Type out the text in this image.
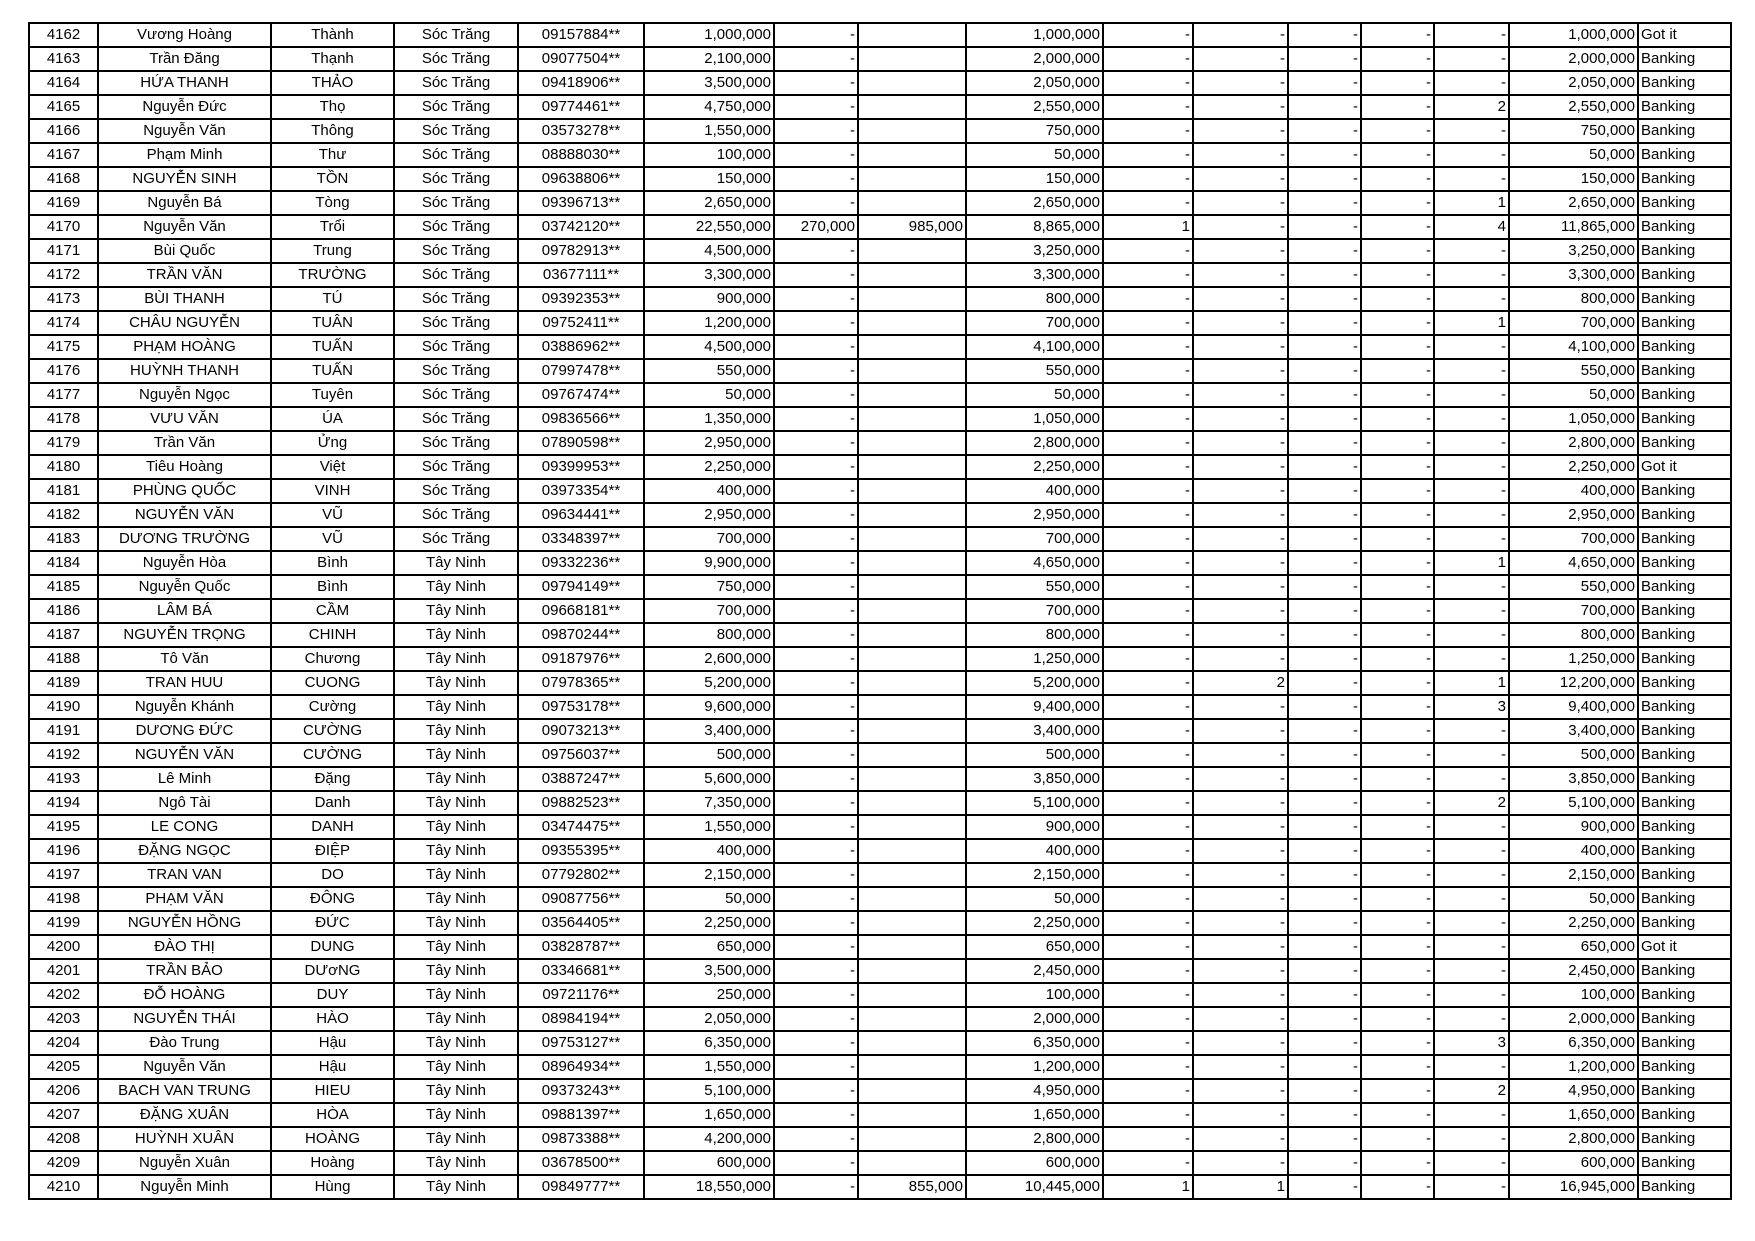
4162	Vương Hoàng	Thành	Sóc Trăng	09157884**	1,000,000	-		1,000,000	-	-	-	-	-	1,000,000	Got it
4163	Trần Đăng	Thạnh	Sóc Trăng	09077504**	2,100,000	-		2,000,000	-	-	-	-	-	2,000,000	Banking
4164	HỨA THANH	THẢO	Sóc Trăng	09418906**	3,500,000	-		2,050,000	-	-	-	-	-	2,050,000	Banking
4165	Nguyễn Đức	Thọ	Sóc Trăng	09774461**	4,750,000	-		2,550,000	-	-	-	-	2	2,550,000	Banking
4166	Nguyễn Văn	Thông	Sóc Trăng	03573278**	1,550,000	-		750,000	-	-	-	-	-	750,000	Banking
4167	Phạm Minh	Thư	Sóc Trăng	08888030**	100,000	-		50,000	-	-	-	-	-	50,000	Banking
4168	NGUYỄN SINH	TỒN	Sóc Trăng	09638806**	150,000	-		150,000	-	-	-	-	-	150,000	Banking
4169	Nguyễn Bá	Tòng	Sóc Trăng	09396713**	2,650,000	-		2,650,000	-	-	-	-	1	2,650,000	Banking
4170	Nguyễn Văn	Trổi	Sóc Trăng	03742120**	22,550,000	270,000	985,000	8,865,000	1	-	-	-	4	11,865,000	Banking
4171	Bùi Quốc	Trung	Sóc Trăng	09782913**	4,500,000	-		3,250,000	-	-	-	-	-	3,250,000	Banking
4172	TRẦN VĂN	TRƯỜNG	Sóc Trăng	03677111**	3,300,000	-		3,300,000	-	-	-	-	-	3,300,000	Banking
4173	BÙI THANH	TÚ	Sóc Trăng	09392353**	900,000	-		800,000	-	-	-	-	-	800,000	Banking
4174	CHÂU NGUYỄN	TUÂN	Sóc Trăng	09752411**	1,200,000	-		700,000	-	-	-	-	1	700,000	Banking
4175	PHẠM HOÀNG	TUẤN	Sóc Trăng	03886962**	4,500,000	-		4,100,000	-	-	-	-	-	4,100,000	Banking
4176	HUỲNH THANH	TUẤN	Sóc Trăng	07997478**	550,000	-		550,000	-	-	-	-	-	550,000	Banking
4177	Nguyễn Ngọc	Tuyên	Sóc Trăng	09767474**	50,000	-		50,000	-	-	-	-	-	50,000	Banking
4178	VƯU VĂN	ÚA	Sóc Trăng	09836566**	1,350,000	-		1,050,000	-	-	-	-	-	1,050,000	Banking
4179	Trần Văn	Ửng	Sóc Trăng	07890598**	2,950,000	-		2,800,000	-	-	-	-	-	2,800,000	Banking
4180	Tiêu Hoàng	Việt	Sóc Trăng	09399953**	2,250,000	-		2,250,000	-	-	-	-	-	2,250,000	Got it
4181	PHÙNG QUỐC	VINH	Sóc Trăng	03973354**	400,000	-		400,000	-	-	-	-	-	400,000	Banking
4182	NGUYỄN VĂN	VŨ	Sóc Trăng	09634441**	2,950,000	-		2,950,000	-	-	-	-	-	2,950,000	Banking
4183	DƯƠNG TRƯỜNG	VŨ	Sóc Trăng	03348397**	700,000	-		700,000	-	-	-	-	-	700,000	Banking
4184	Nguyễn Hòa	Bình	Tây Ninh	09332236**	9,900,000	-		4,650,000	-	-	-	-	1	4,650,000	Banking
4185	Nguyễn Quốc	Bình	Tây Ninh	09794149**	750,000	-		550,000	-	-	-	-	-	550,000	Banking
4186	LÂM BÁ	CẦM	Tây Ninh	09668181**	700,000	-		700,000	-	-	-	-	-	700,000	Banking
4187	NGUYỄN TRỌNG	CHINH	Tây Ninh	09870244**	800,000	-		800,000	-	-	-	-	-	800,000	Banking
4188	Tô Văn	Chương	Tây Ninh	09187976**	2,600,000	-		1,250,000	-	-	-	-	-	1,250,000	Banking
4189	TRAN HUU	CUONG	Tây Ninh	07978365**	5,200,000	-		5,200,000	-	2	-	-	1	12,200,000	Banking
4190	Nguyễn Khánh	Cường	Tây Ninh	09753178**	9,600,000	-		9,400,000	-	-	-	-	3	9,400,000	Banking
4191	DƯƠNG ĐỨC	CƯỜNG	Tây Ninh	09073213**	3,400,000	-		3,400,000	-	-	-	-	-	3,400,000	Banking
4192	NGUYỄN VĂN	CƯỜNG	Tây Ninh	09756037**	500,000	-		500,000	-	-	-	-	-	500,000	Banking
4193	Lê Minh	Đặng	Tây Ninh	03887247**	5,600,000	-		3,850,000	-	-	-	-	-	3,850,000	Banking
4194	Ngô Tài	Danh	Tây Ninh	09882523**	7,350,000	-		5,100,000	-	-	-	-	2	5,100,000	Banking
4195	LE CONG	DANH	Tây Ninh	03474475**	1,550,000	-		900,000	-	-	-	-	-	900,000	Banking
4196	ĐẶNG NGỌC	ĐIỆP	Tây Ninh	09355395**	400,000	-		400,000	-	-	-	-	-	400,000	Banking
4197	TRAN VAN	DO	Tây Ninh	07792802**	2,150,000	-		2,150,000	-	-	-	-	-	2,150,000	Banking
4198	PHẠM VĂN	ĐÔNG	Tây Ninh	09087756**	50,000	-		50,000	-	-	-	-	-	50,000	Banking
4199	NGUYỄN HỒNG	ĐỨC	Tây Ninh	03564405**	2,250,000	-		2,250,000	-	-	-	-	-	2,250,000	Banking
4200	ĐÀO THỊ	DUNG	Tây Ninh	03828787**	650,000	-		650,000	-	-	-	-	-	650,000	Got it
4201	TRẦN BẢO	DƯơNG	Tây Ninh	03346681**	3,500,000	-		2,450,000	-	-	-	-	-	2,450,000	Banking
4202	ĐỖ HOÀNG	DUY	Tây Ninh	09721176**	250,000	-		100,000	-	-	-	-	-	100,000	Banking
4203	NGUYỄN THÁI	HÀO	Tây Ninh	08984194**	2,050,000	-		2,000,000	-	-	-	-	-	2,000,000	Banking
4204	Đào Trung	Hậu	Tây Ninh	09753127**	6,350,000	-		6,350,000	-	-	-	-	3	6,350,000	Banking
4205	Nguyễn Văn	Hậu	Tây Ninh	08964934**	1,550,000	-		1,200,000	-	-	-	-	-	1,200,000	Banking
4206	BACH VAN TRUNG	HIEU	Tây Ninh	09373243**	5,100,000	-		4,950,000	-	-	-	-	2	4,950,000	Banking
4207	ĐẶNG XUÂN	HÒA	Tây Ninh	09881397**	1,650,000	-		1,650,000	-	-	-	-	-	1,650,000	Banking
4208	HUỲNH XUÂN	HOÀNG	Tây Ninh	09873388**	4,200,000	-		2,800,000	-	-	-	-	-	2,800,000	Banking
4209	Nguyễn Xuân	Hoàng	Tây Ninh	03678500**	600,000	-		600,000	-	-	-	-	-	600,000	Banking
4210	Nguyễn Minh	Hùng	Tây Ninh	09849777**	18,550,000	-	855,000	10,445,000	1	1	-	-	-	16,945,000	Banking
